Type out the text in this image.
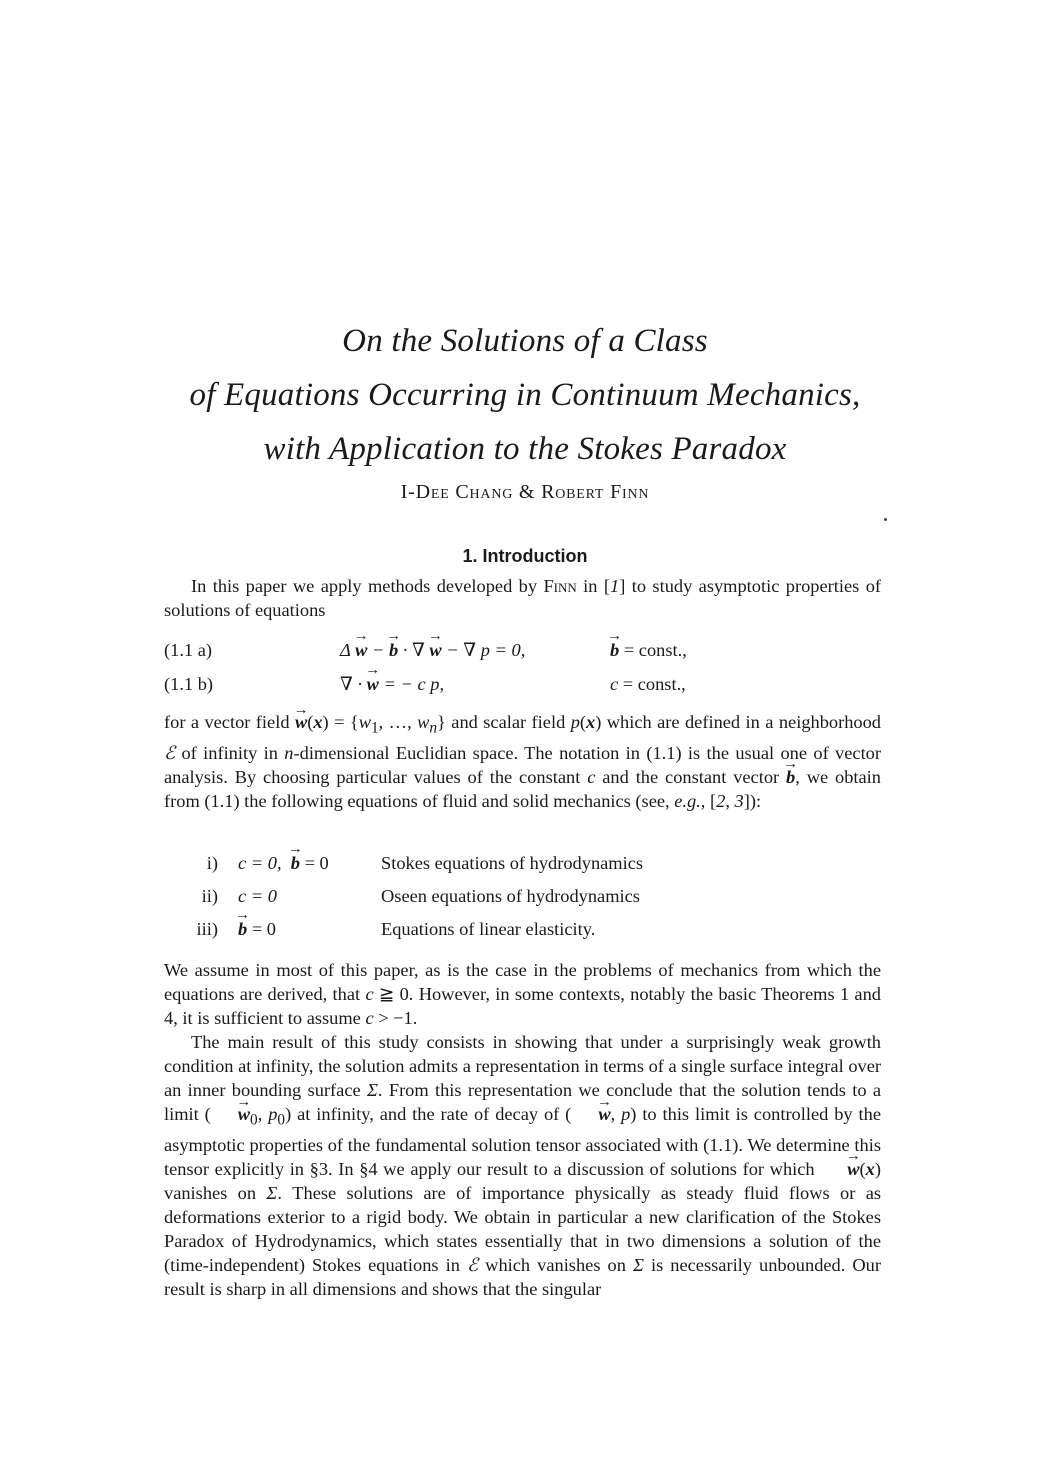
On the Solutions of a Class
of Equations Occurring in Continuum Mechanics,
with Application to the Stokes Paradox
I-Dee Chang & Robert Finn
1. Introduction
In this paper we apply methods developed by Finn in [1] to study asymptotic properties of solutions of equations
(1.1 a)	Δ → w − → b · ∇ → w − ∇ p = 0,	→ b = const.,
(1.1 b)	∇ · → w = − c p,	c = const.,
for a vector field → $w(x) = \{w_1$, …, $w_n$} and scalar field p(x) which are defined in a neighborhood ℰ of infinity in n-dimensional Euclidian space. The notation in (1.1) is the usual one of vector analysis. By choosing particular values of the constant c and the constant vector → b, we obtain from (1.1) the following equations of fluid and solid mechanics (see, e.g., [2, 3]):
i) c = 0,  → b = 0	Stokes equations of hydrodynamics
ii) c = 0	Oseen equations of hydrodynamics
iii) → b = 0	Equations of linear elasticity.
We assume in most of this paper, as is the case in the problems of mechanics from which the equations are derived, that c ≧ 0. However, in some contexts, notably the basic Theorems 1 and 4, it is sufficient to assume c > −1.
The main result of this study consists in showing that under a surprisingly weak growth condition at infinity, the solution admits a representation in terms of a single surface integral over an inner bounding surface Σ. From this representation we conclude that the solution tends to a limit ( → $w_0$, $p_0$) at infinity, and the rate of decay of ( → w, p) to this limit is controlled by the asymptotic properties of the fundamental solution tensor associated with (1.1). We determine this tensor explicitly in §3. In §4 we apply our result to a discussion of solutions for which → w(x) vanishes on Σ. These solutions are of importance physically as steady fluid flows or as deformations exterior to a rigid body. We obtain in particular a new clarification of the Stokes Paradox of Hydrodynamics, which states essentially that in two dimensions a solution of the (time-independent) Stokes equations in ℰ which vanishes on Σ is necessarily unbounded. Our result is sharp in all dimensions and shows that the singular
